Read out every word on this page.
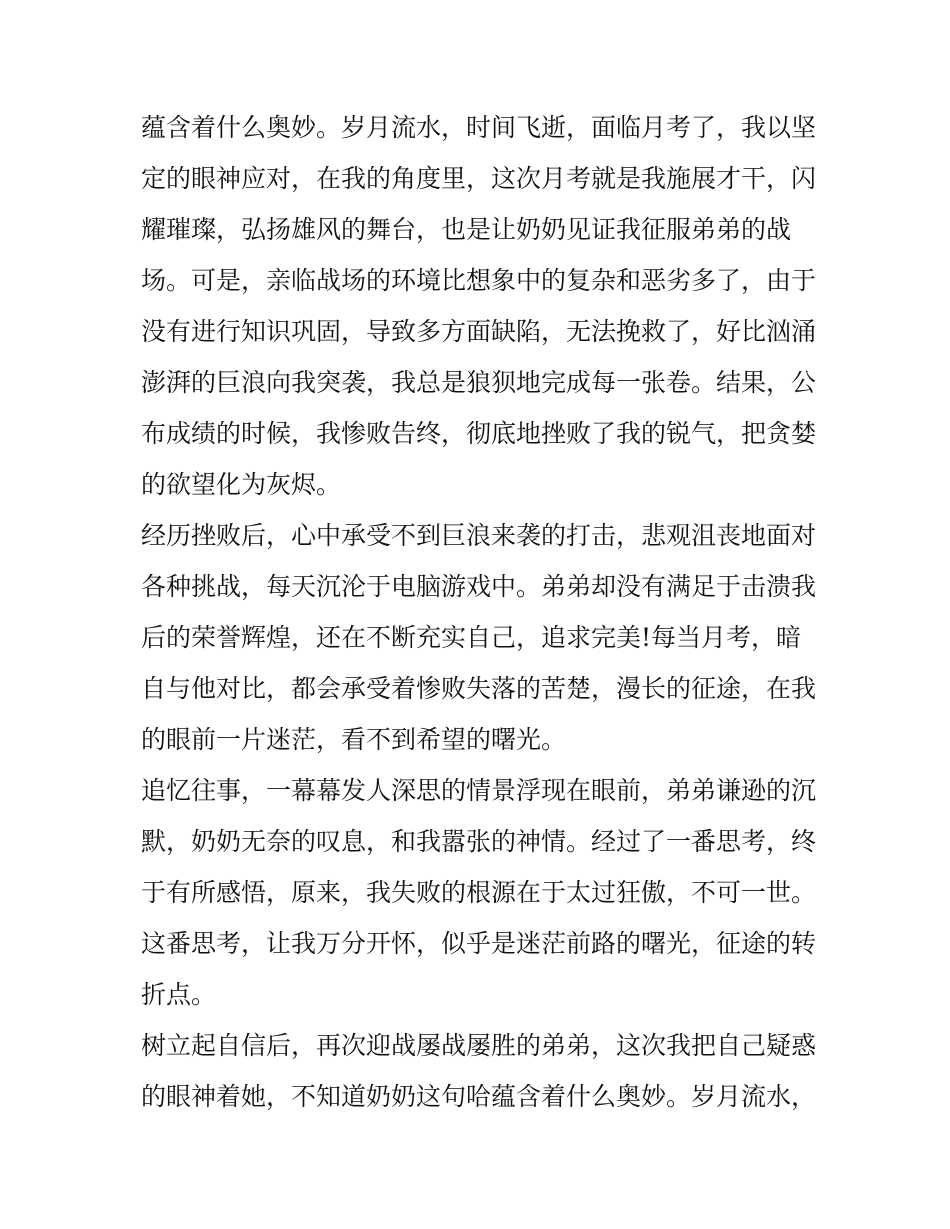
蕴含着什么奥妙。岁月流水，时间飞逝，面临月考了，我以坚
定的眼神应对，在我的角度里，这次月考就是我施展才干，闪
耀璀璨，弘扬雄风的舞台，也是让奶奶见证我征服弟弟的战
场。可是，亲临战场的环境比想象中的复杂和恶劣多了，由于
没有进行知识巩固，导致多方面缺陷，无法挽救了，好比汹涌
澎湃的巨浪向我突袭，我总是狼狈地完成每一张卷。结果，公
布成绩的时候，我惨败告终，彻底地挫败了我的锐气，把贪婪
的欲望化为灰烬。
经历挫败后，心中承受不到巨浪来袭的打击，悲观沮丧地面对
各种挑战，每天沉沦于电脑游戏中。弟弟却没有满足于击溃我
后的荣誉辉煌，还在不断充实自己，追求完美!每当月考，暗
自与他对比，都会承受着惨败失落的苦楚，漫长的征途，在我
的眼前一片迷茫，看不到希望的曙光。
追忆往事，一幕幕发人深思的情景浮现在眼前，弟弟谦逊的沉
默，奶奶无奈的叹息，和我嚣张的神情。经过了一番思考，终
于有所感悟，原来，我失败的根源在于太过狂傲，不可一世。
这番思考，让我万分开怀，似乎是迷茫前路的曙光，征途的转
折点。
树立起自信后，再次迎战屡战屡胜的弟弟，这次我把自己疑惑
的眼神着她，不知道奶奶这句哈蕴含着什么奥妙。岁月流水，
